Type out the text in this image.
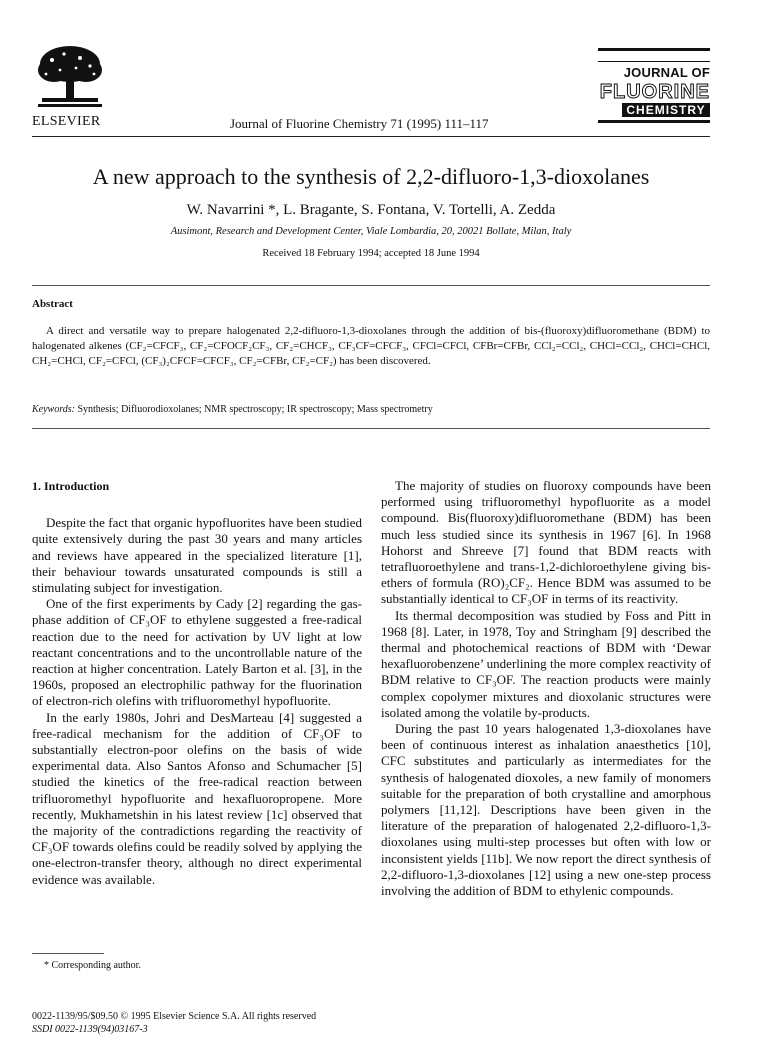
ELSEVIER	Journal of Fluorine Chemistry 71 (1995) 111–117
JOURNAL OF
FLUORINE
CHEMISTRY
A new approach to the synthesis of 2,2-difluoro-1,3-dioxolanes
W. Navarrini *, L. Bragante, S. Fontana, V. Tortelli, A. Zedda
Ausimont, Research and Development Center, Viale Lombardia, 20, 20021 Bollate, Milan, Italy
Received 18 February 1994; accepted 18 June 1994
Abstract
A direct and versatile way to prepare halogenated 2,2-difluoro-1,3-dioxolanes through the addition of bis-(fluoroxy)difluoromethane (BDM) to halogenated alkenes (CF₂=CFCF₃, CF₂=CFOCF₂CF₃, CF₂=CHCF₃, CF₃CF=CFCF₃, CFCl=CFCl, CFBr=CFBr, CCl₂=CCl₂, CHCl=CCl₂, CHCl=CHCl, CH₂=CHCl, CF₂=CFCl, (CF₃)₂CFCF=CFCF₃, CF₂=CFBr, CF₂=CF₂) has been discovered.
Keywords: Synthesis; Difluorodioxolanes; NMR spectroscopy; IR spectroscopy; Mass spectrometry
1. Introduction

Despite the fact that organic hypofluorites have been studied quite extensively during the past 30 years and many articles and reviews have appeared in the specialized literature [1], their behaviour towards unsaturated compounds is still a stimulating subject for investigation.

One of the first experiments by Cady [2] regarding the gas-phase addition of CF₃OF to ethylene suggested a free-radical reaction due to the need for activation by UV light at low reactant concentrations and to the uncontrollable nature of the reaction at higher concentration. Lately Barton et al. [3], in the 1960s, proposed an electrophilic pathway for the fluorination of electron-rich olefins with trifluoromethyl hypofluorite.

In the early 1980s, Johri and DesMarteau [4] suggested a free-radical mechanism for the addition of CF₃OF to substantially electron-poor olefins on the basis of wide experimental data. Also Santos Afonso and Schumacher [5] studied the kinetics of the free-radical reaction between trifluoromethyl hypofluorite and hexafluoropropene. More recently, Mukhametshin in his latest review [1c] observed that the majority of the contradictions regarding the reactivity of CF₃OF towards olefins could be readily solved by applying the one-electron-transfer theory, although no direct experimental evidence was available.

The majority of studies on fluoroxy compounds have been performed using trifluoromethyl hypofluorite as a model compound. Bis(fluoroxy)difluoromethane (BDM) has been much less studied since its synthesis in 1967 [6]. In 1968 Hohorst and Shreeve [7] found that BDM reacts with tetrafluoroethylene and trans-1,2-dichloroethylene giving bis-ethers of formula (RO)₂CF₂. Hence BDM was assumed to be substantially identical to CF₃OF in terms of its reactivity.

Its thermal decomposition was studied by Foss and Pitt in 1968 [8]. Later, in 1978, Toy and Stringham [9] described the thermal and photochemical reactions of BDM with ‘Dewar hexafluorobenzene’ underlining the more complex reactivity of BDM relative to CF₃OF. The reaction products were mainly complex copolymer mixtures and dioxolanic structures were isolated among the volatile by-products.

During the past 10 years halogenated 1,3-dioxolanes have been of continuous interest as inhalation anaesthetics [10], CFC substitutes and particularly as intermediates for the synthesis of halogenated dioxoles, a new family of monomers suitable for the preparation of both crystalline and amorphous polymers [11,12]. Descriptions have been given in the literature of the preparation of halogenated 2,2-difluoro-1,3-dioxolanes using multi-step processes but often with low or inconsistent yields [11b]. We now report the direct synthesis of 2,2-difluoro-1,3-dioxolanes [12] using a new one-step process involving the addition of BDM to ethylenic compounds.

* Corresponding author.
0022-1139/95/$09.50 © 1995 Elsevier Science S.A. All rights reserved
SSDI 0022-1139(94)03167-3
